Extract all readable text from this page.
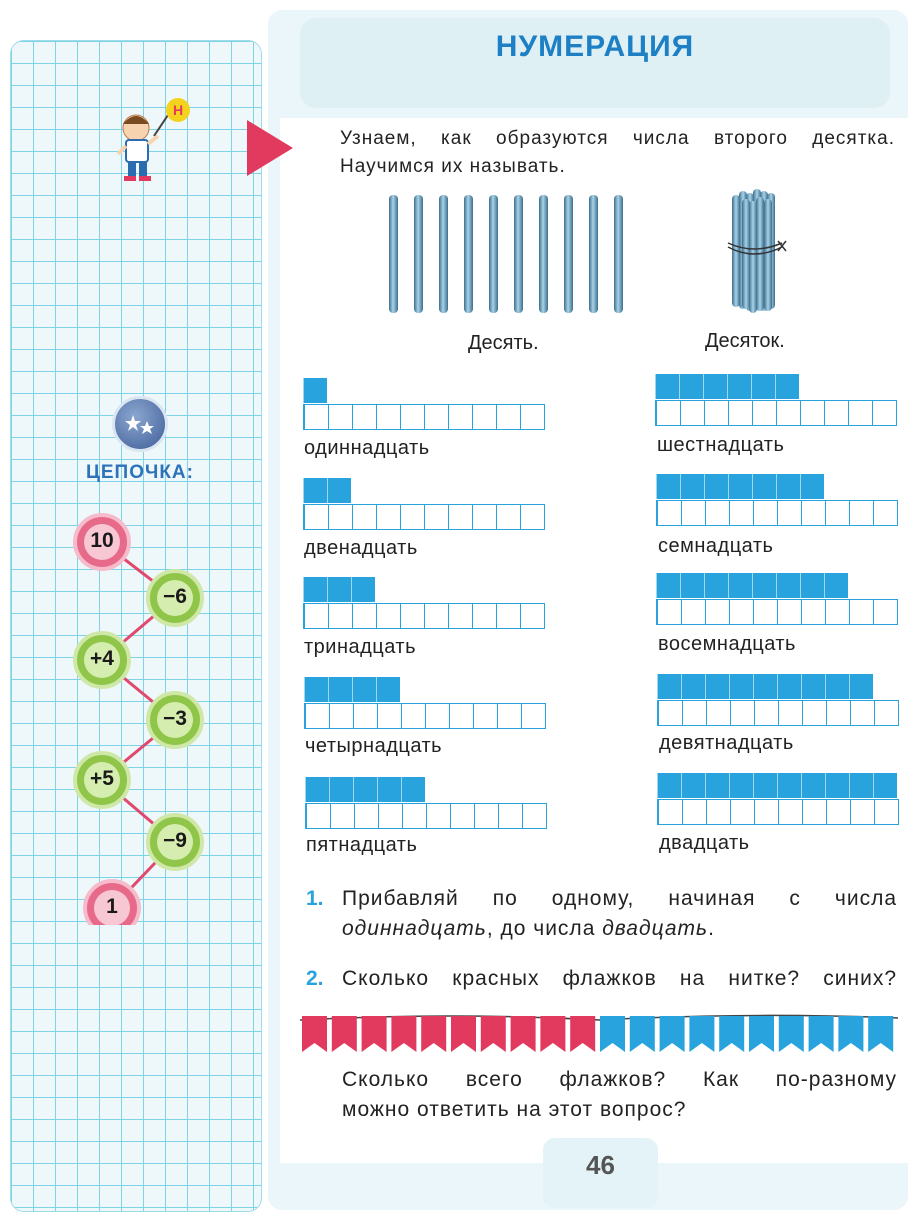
НУМЕРАЦИЯ
Н
Узнаем, как образуются числа второго десятка.
Научимся их называть.
Десять.	Десяток.
одиннадцать
двенадцать
тринадцать
четырнадцать
пятнадцать
шестнадцать
семнадцать
восемнадцать
девятнадцать
двадцать
ЦЕПОЧКА:
10
−6
+4
−3
+5
−9
1	1. Прибавляй по одному, начиная с числа
одиннадцать, до числа двадцать.
2. Сколько красных флажков на нитке? синих?
Сколько всего флажков? Как по-разному
можно ответить на этот вопрос?
46
